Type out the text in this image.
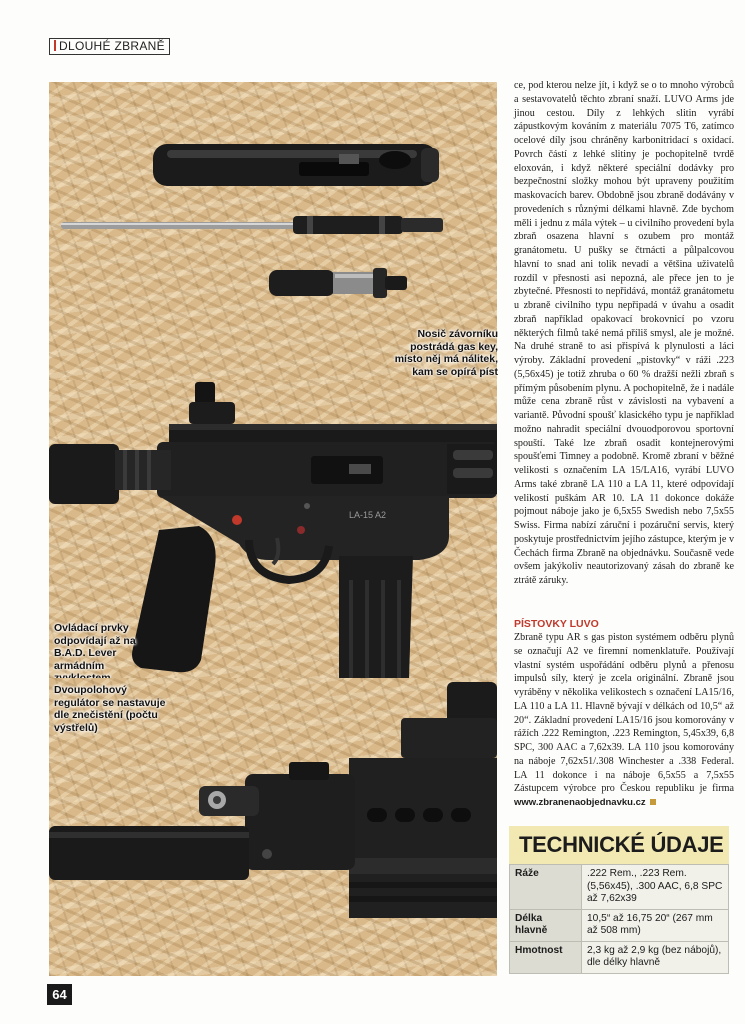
DLOUHÉ ZBRANĚ
Nosič závorníku postrádá gas key, místo něj má nálitek, kam se opírá píst
LA-15 A2
Ovládací prvky odpovídají až na B.A.D. Lever armádním
Dvoupolohový regulátor se nastavuje dle znečistění (počtu výstřelů)

ce, pod kterou nelze jít, i když se o to mnoho výrobců a sestavovatelů těchto zbraní snaží. LUVO Arms jde jinou cestou. Díly z lehkých slitin vyrábí zápustkovým kováním z materiálu 7075 T6, zatímco ocelové díly jsou chráněny karbonitridací s oxidací. Povrch částí z lehké slitiny je pochopitelně tvrdě eloxován, i když některé speciální dodávky pro bezpečnostní složky mohou být upraveny použitím maskovacích barev. Obdobně jsou zbraně dodávány v provedeních s různými délkami hlavně. Zde bychom měli i jednu z mála výtek – u civilního provedení byla zbraň osazena hlavní s ozubem pro montáž granátometu. U pušky se čtrnácti a půlpalcovou hlavní to snad ani tolik nevadí a většina uživatelů rozdíl v přesnosti asi nepozná, ale přece jen to je zbytečné. Přesnosti to nepřidává, montáž granátometu u zbraně civilního typu nepřipadá v úvahu a osadit zbraň například opakovací brokovnicí po vzoru některých filmů také nemá příliš smysl, ale je možné. Na druhé straně to asi přispívá k plynulosti a láci výroby. Základní provedení „pistovky“ v ráži .223 (5,56x45) je totiž zhruba o 60 % dražší nežli zbraň s přímým působením plynu. A pochopitelně, že i nadále může cena zbraně růst v závislosti na vybavení a variantě. Původní spoušť klasického typu je například možno nahradit speciální dvouodporovou sportovní spouští. Také lze zbraň osadit kontejnerovými spoušťemi Timney a podobně. Kromě zbraní v běžné velikosti s označením LA 15/LA16, vyrábí LUVO Arms také zbraně LA 110 a LA 11, které odpovídají velikostí puškám AR 10. LA 11 dokonce dokáže pojmout náboje jako je 6,5x55 Swedish nebo 7,5x55 Swiss. Firma nabízí záruční i pozáruční servis, který poskytuje prostřednictvím jejího zástupce, kterým je v Čechách firma Zbraně na objednávku. Současně vede ovšem jakýkoliv neautorizovaný zásah do zbraně ke ztrátě záruky.

PÍSTOVKY LUVO

Zbraně typu AR s gas piston systémem odběru plynů se označují A2 ve firemní nomenklatuře. Používají vlastní systém uspořádání odběru plynů a přenosu impulsů síly, který je zcela originální. Zbraně jsou vyráběny v několika velikostech s označení LA15/16, LA 110 a LA 11. Hlavně bývají v délkách od 10,5“ až 20“. Základní provedení LA15/16 jsou komorovány v rážích .222 Remington, .223 Remington, 5,45x39, 6,8 SPC, 300 AAC a 7,62x39. LA 110 jsou komorovány na náboje 7,62x51/.308 Winchester a .338 Federal. LA 11 dokonce i na náboje 6,5x55 a 7,5x55 Zástupcem výrobce pro Českou republiku je firma www.zbranenaobjednavku.cz

TECHNICKÉ ÚDAJE
Ráže	.222 Rem., .223 Rem. (5,56x45), .300 AAC, 6,8 SPC až 7,62x39
Délka hlavně	10,5“ až 16,75 20“ (267 mm až 508 mm)
Hmotnost	2,3 kg až 2,9 kg (bez nábojů), dle délky hlavně
64
